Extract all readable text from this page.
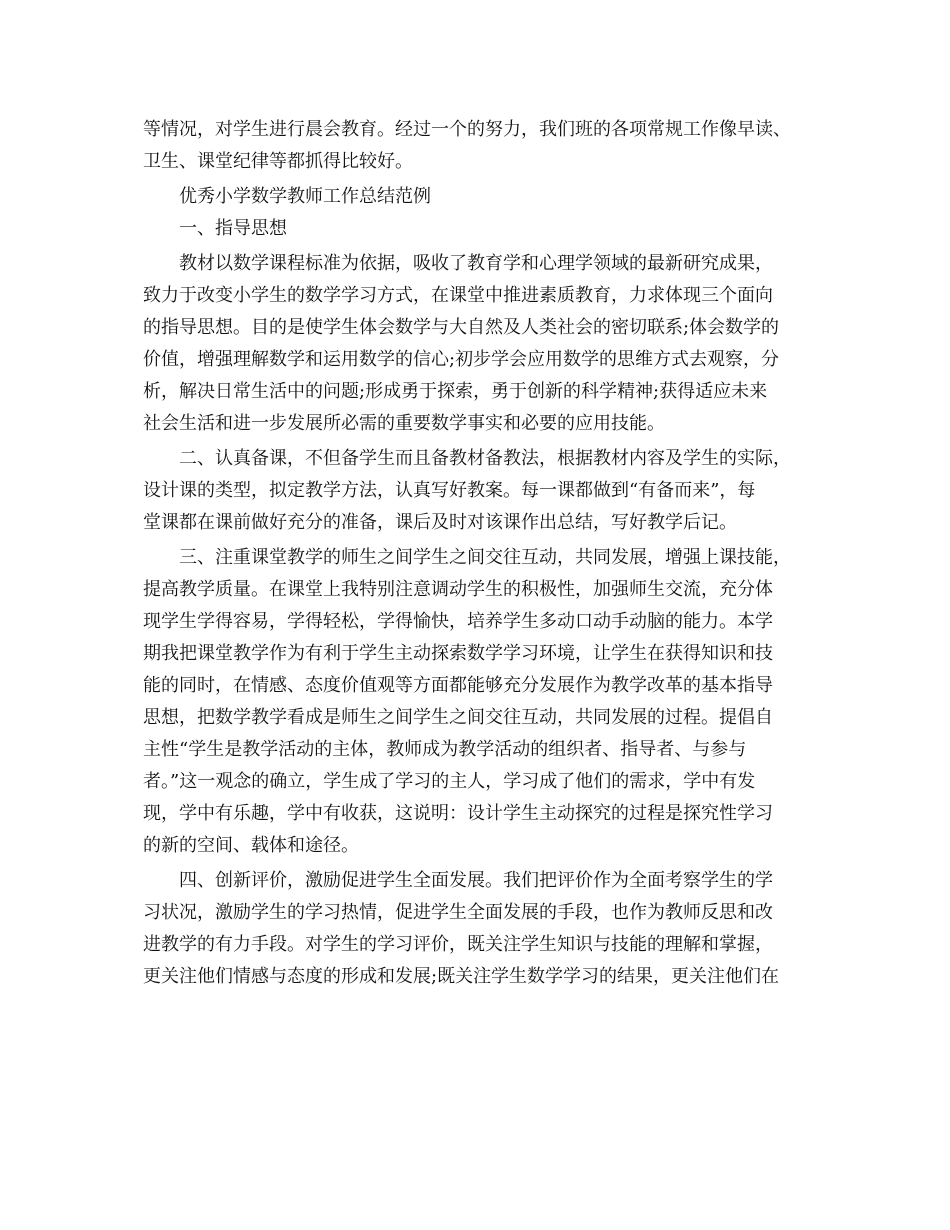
等情况，对学生进行晨会教育。经过一个的努力，我们班的各项常规工作像早读、

卫生、课堂纪律等都抓得比较好。

优秀小学数学教师工作总结范例

一、指导思想

教材以数学课程标准为依据，吸收了教育学和心理学领域的最新研究成果，

致力于改变小学生的数学学习方式，在课堂中推进素质教育，力求体现三个面向

的指导思想。目的是使学生体会数学与大自然及人类社会的密切联系;体会数学的

价值，增强理解数学和运用数学的信心;初步学会应用数学的思维方式去观察，分

析，解决日常生活中的问题;形成勇于探索，勇于创新的科学精神;获得适应未来

社会生活和进一步发展所必需的重要数学事实和必要的应用技能。

二、认真备课，不但备学生而且备教材备教法，根据教材内容及学生的实际，

设计课的类型，拟定教学方法，认真写好教案。每一课都做到“有备而来”，每

堂课都在课前做好充分的准备，课后及时对该课作出总结，写好教学后记。

三、注重课堂教学的师生之间学生之间交往互动，共同发展，增强上课技能，

提高教学质量。在课堂上我特别注意调动学生的积极性，加强师生交流，充分体

现学生学得容易，学得轻松，学得愉快，培养学生多动口动手动脑的能力。本学

期我把课堂教学作为有利于学生主动探索数学学习环境，让学生在获得知识和技

能的同时，在情感、态度价值观等方面都能够充分发展作为教学改革的基本指导

思想，把数学教学看成是师生之间学生之间交往互动，共同发展的过程。提倡自

主性“学生是教学活动的主体，教师成为教学活动的组织者、指导者、与参与

者。”这一观念的确立，学生成了学习的主人，学习成了他们的需求，学中有发

现，学中有乐趣，学中有收获，这说明：设计学生主动探究的过程是探究性学习

的新的空间、载体和途径。

四、创新评价，激励促进学生全面发展。我们把评价作为全面考察学生的学

习状况，激励学生的学习热情，促进学生全面发展的手段，也作为教师反思和改

进教学的有力手段。对学生的学习评价，既关注学生知识与技能的理解和掌握，

更关注他们情感与态度的形成和发展;既关注学生数学学习的结果，更关注他们在
